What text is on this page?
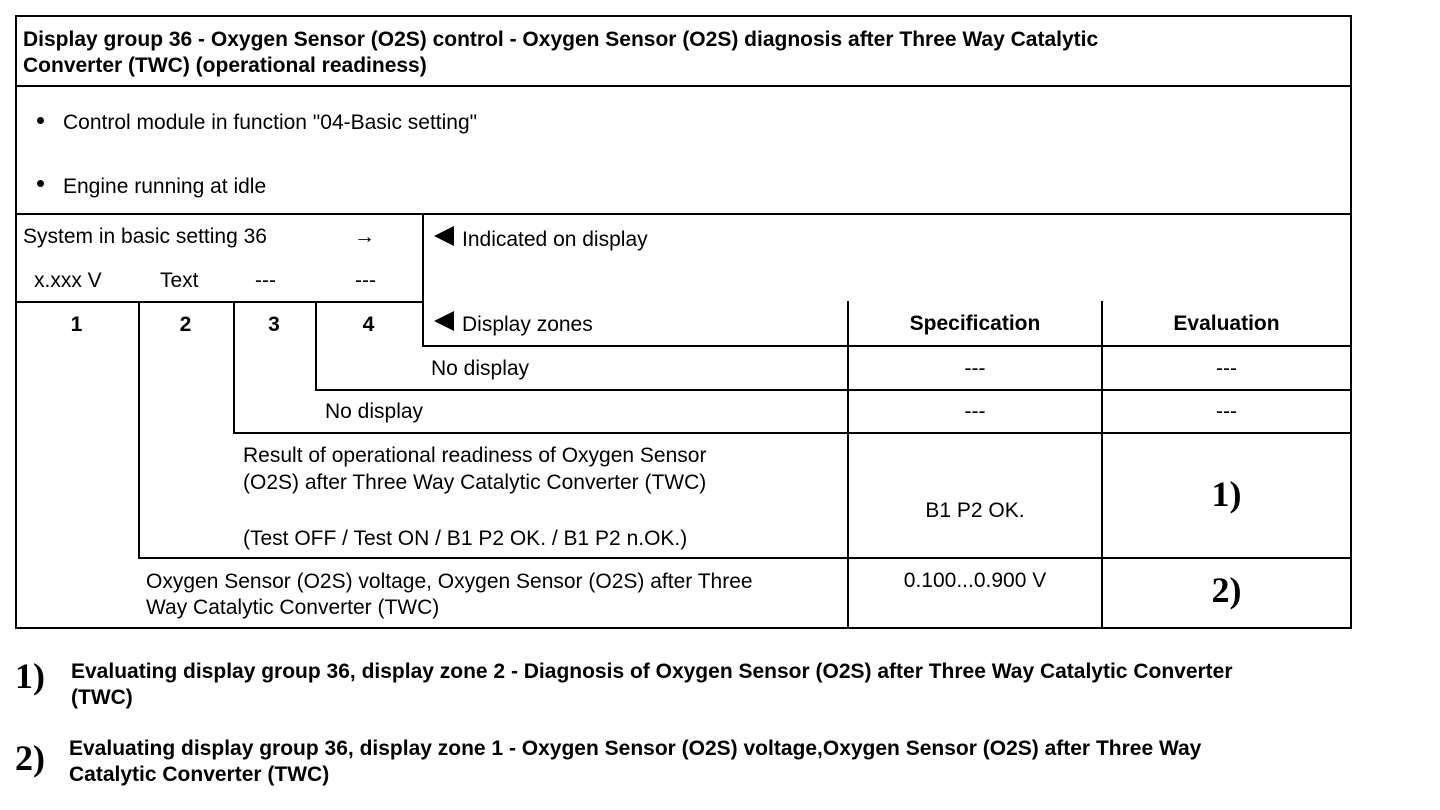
Display group 36 - Oxygen Sensor (O2S) control - Oxygen Sensor (O2S) diagnosis after Three Way Catalytic
Converter (TWC) (operational readiness)
Control module in function "04-Basic setting"
Engine running at idle
System in basic setting 36	→
x.xxx V	Text	---	---
Indicated on display
1	2	3	4	Display zones	Specification	Evaluation
No display	---	---
No display	---	---
Result of operational readiness of Oxygen Sensor
(O2S) after Three Way Catalytic Converter (TWC)
(Test OFF / Test ON / B1 P2 OK. / B1 P2 n.OK.)
B1 P2 OK.	1)
Oxygen Sensor (O2S) voltage, Oxygen Sensor (O2S) after Three
Way Catalytic Converter (TWC)
0.100...0.900 V	2)
1) Evaluating display group 36, display zone 2 - Diagnosis of Oxygen Sensor (O2S) after Three Way Catalytic Converter
(TWC)
2) Evaluating display group 36, display zone 1 - Oxygen Sensor (O2S) voltage,Oxygen Sensor (O2S) after Three Way
Catalytic Converter (TWC)
